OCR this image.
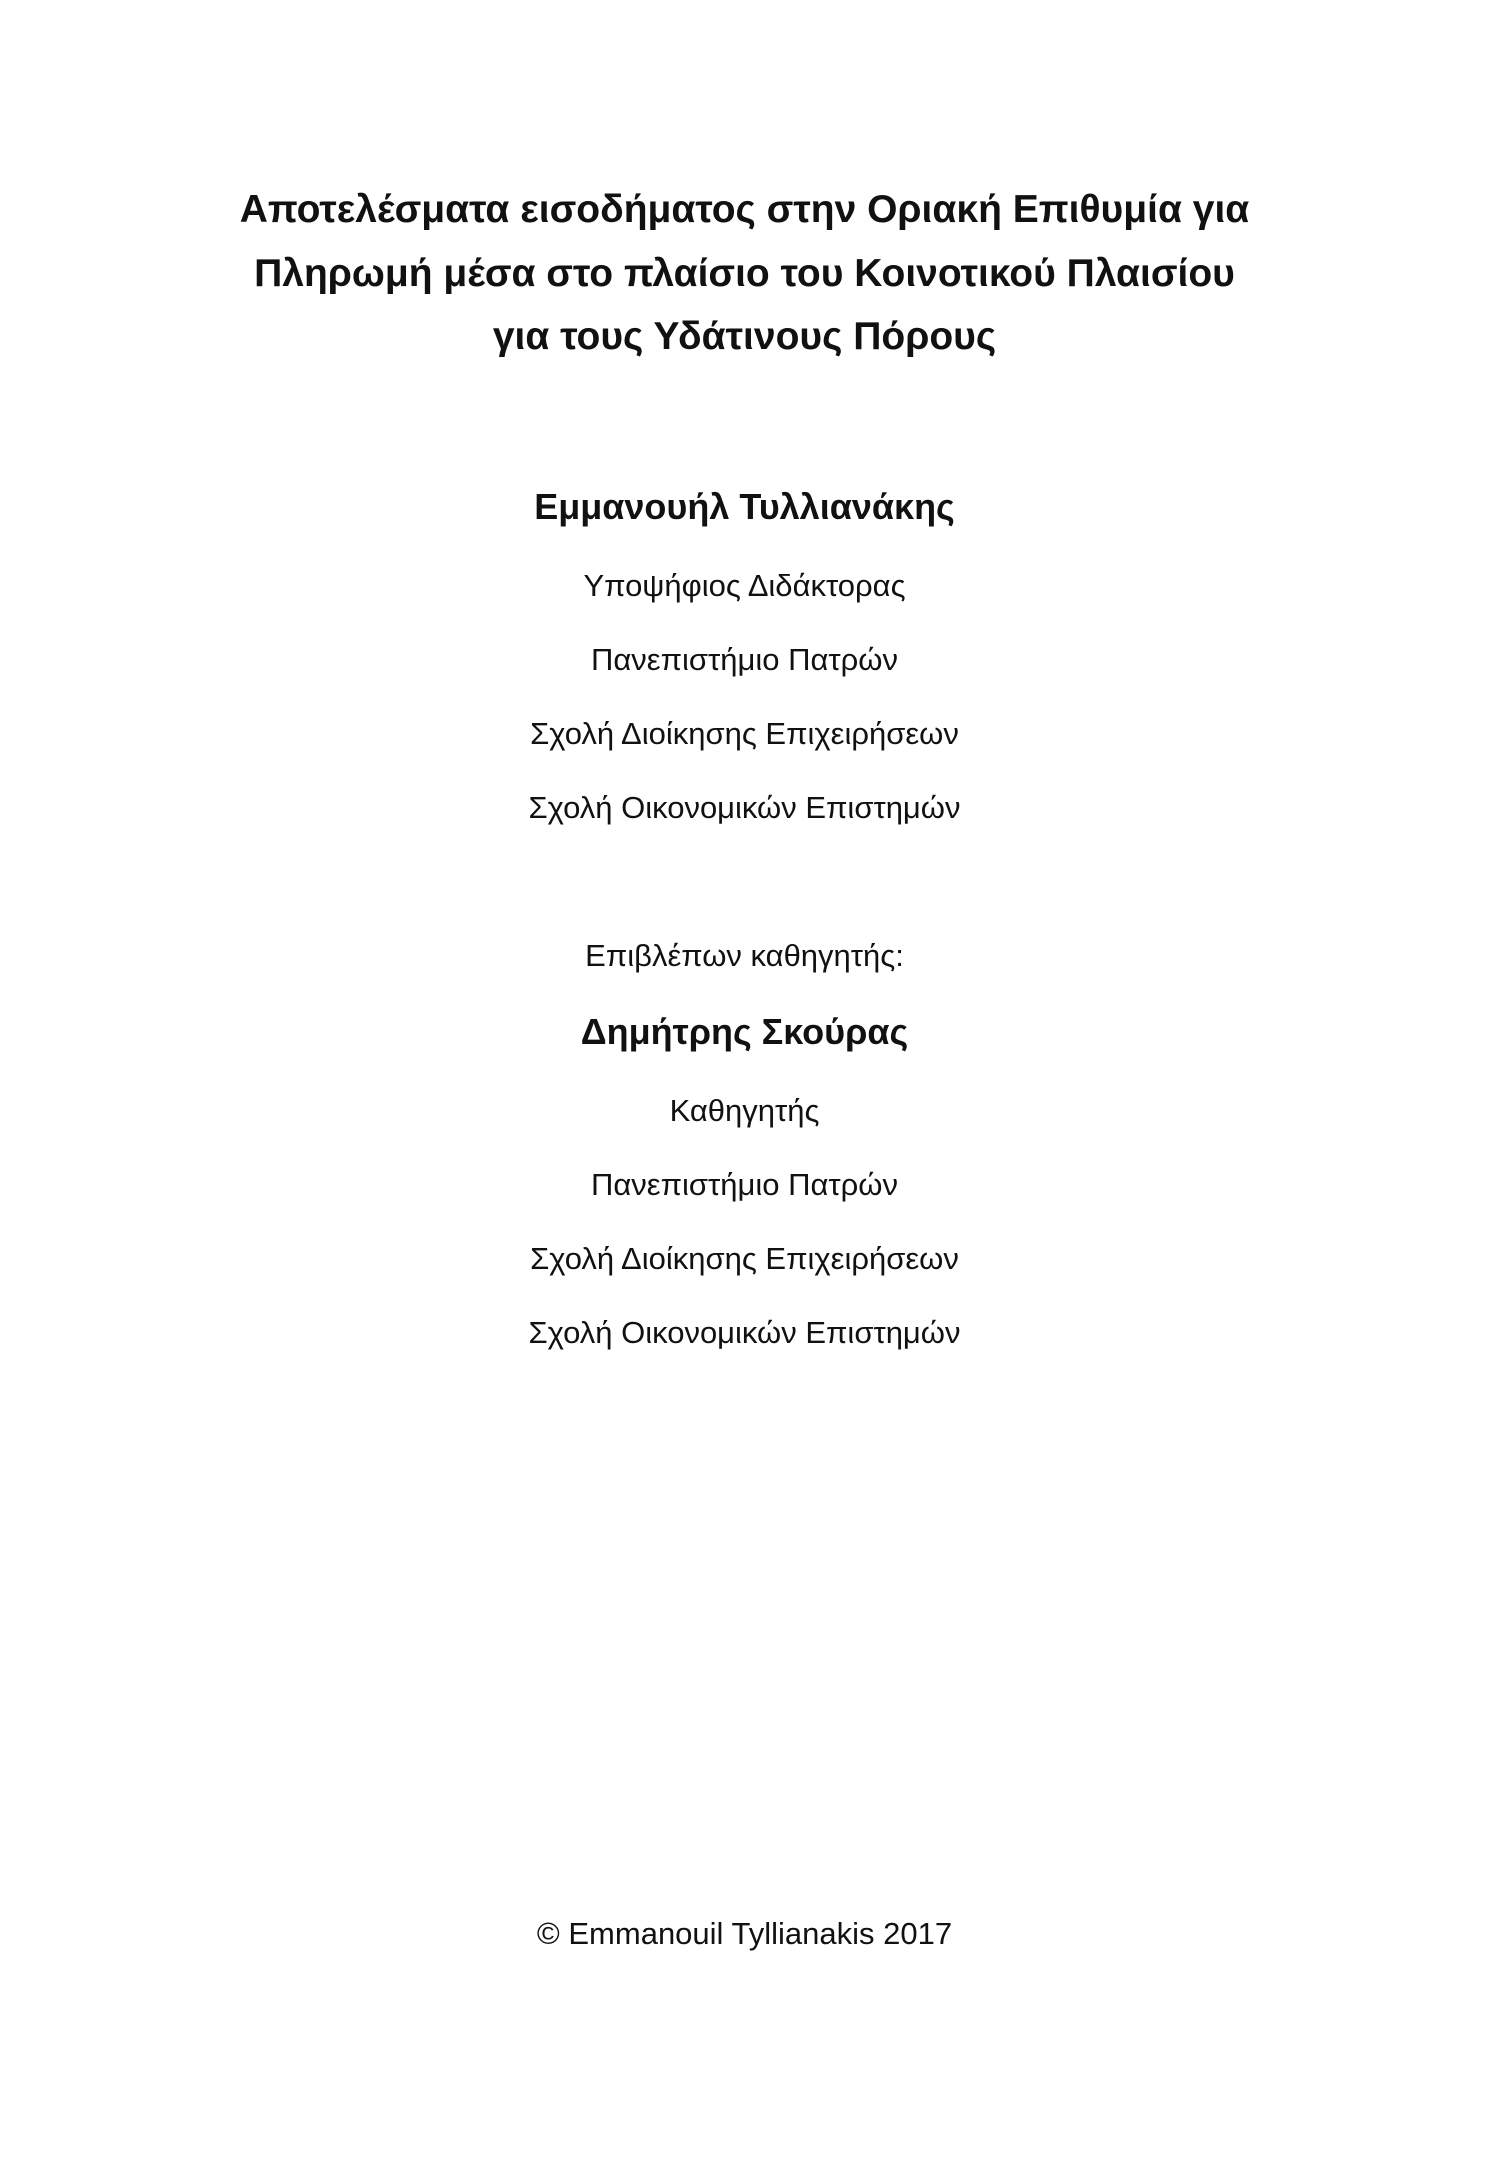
Αποτελέσματα εισοδήματος στην Οριακή Επιθυμία για
Πληρωμή μέσα στο πλαίσιο του Κοινοτικού Πλαισίου
για τους Υδάτινους Πόρους
Εμμανουήλ Τυλλιανάκης
Υποψήφιος Διδάκτορας
Πανεπιστήμιο Πατρών
Σχολή Διοίκησης Επιχειρήσεων
Σχολή Οικονομικών Επιστημών
Επιβλέπων καθηγητής:
Δημήτρης Σκούρας
Καθηγητής
Πανεπιστήμιο Πατρών
Σχολή Διοίκησης Επιχειρήσεων
Σχολή Οικονομικών Επιστημών
© Emmanouil Tyllianakis 2017
